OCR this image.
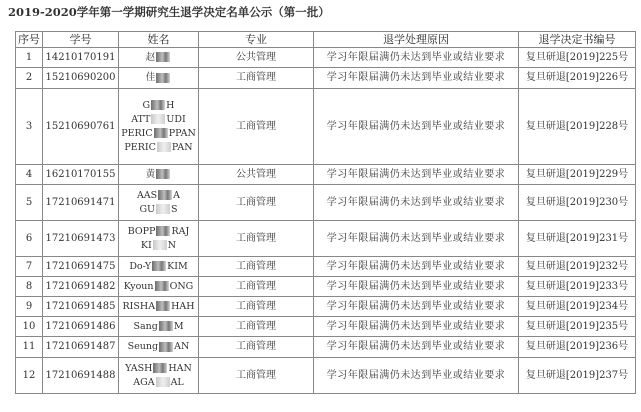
2019-2020学年第一学期研究生退学决定名单公示（第一批）
序号	学号	姓名	专业	退学处理原因	退学决定书编号
1	14210170191	赵	公共管理	学习年限届满仍未达到毕业或结业要求	复旦研退[2019]225号
2	15210690200	佳	工商管理	学习年限届满仍未达到毕业或结业要求	复旦研退[2019]226号
3	15210690761	G H
ATT UDI
PERIC PPAN
PERIC PAN	工商管理	学习年限届满仍未达到毕业或结业要求	复旦研退[2019]228号
4	16210170155	黄	公共管理	学习年限届满仍未达到毕业或结业要求	复旦研退[2019]229号
5	17210691471	AAS A
GU S	工商管理	学习年限届满仍未达到毕业或结业要求	复旦研退[2019]230号
6	17210691473	BOPP RAJ
KI N	工商管理	学习年限届满仍未达到毕业或结业要求	复旦研退[2019]231号
7	17210691475	Do-Y KIM	工商管理	学习年限届满仍未达到毕业或结业要求	复旦研退[2019]232号
8	17210691482	Kyoun ONG	工商管理	学习年限届满仍未达到毕业或结业要求	复旦研退[2019]233号
9	17210691485	RISHA HAH	工商管理	学习年限届满仍未达到毕业或结业要求	复旦研退[2019]234号
10	17210691486	Sang M	工商管理	学习年限届满仍未达到毕业或结业要求	复旦研退[2019]235号
11	17210691487	Seung AN	工商管理	学习年限届满仍未达到毕业或结业要求	复旦研退[2019]236号
12	17210691488	YASH HAN
AGA AL	工商管理	学习年限届满仍未达到毕业或结业要求	复旦研退[2019]237号
